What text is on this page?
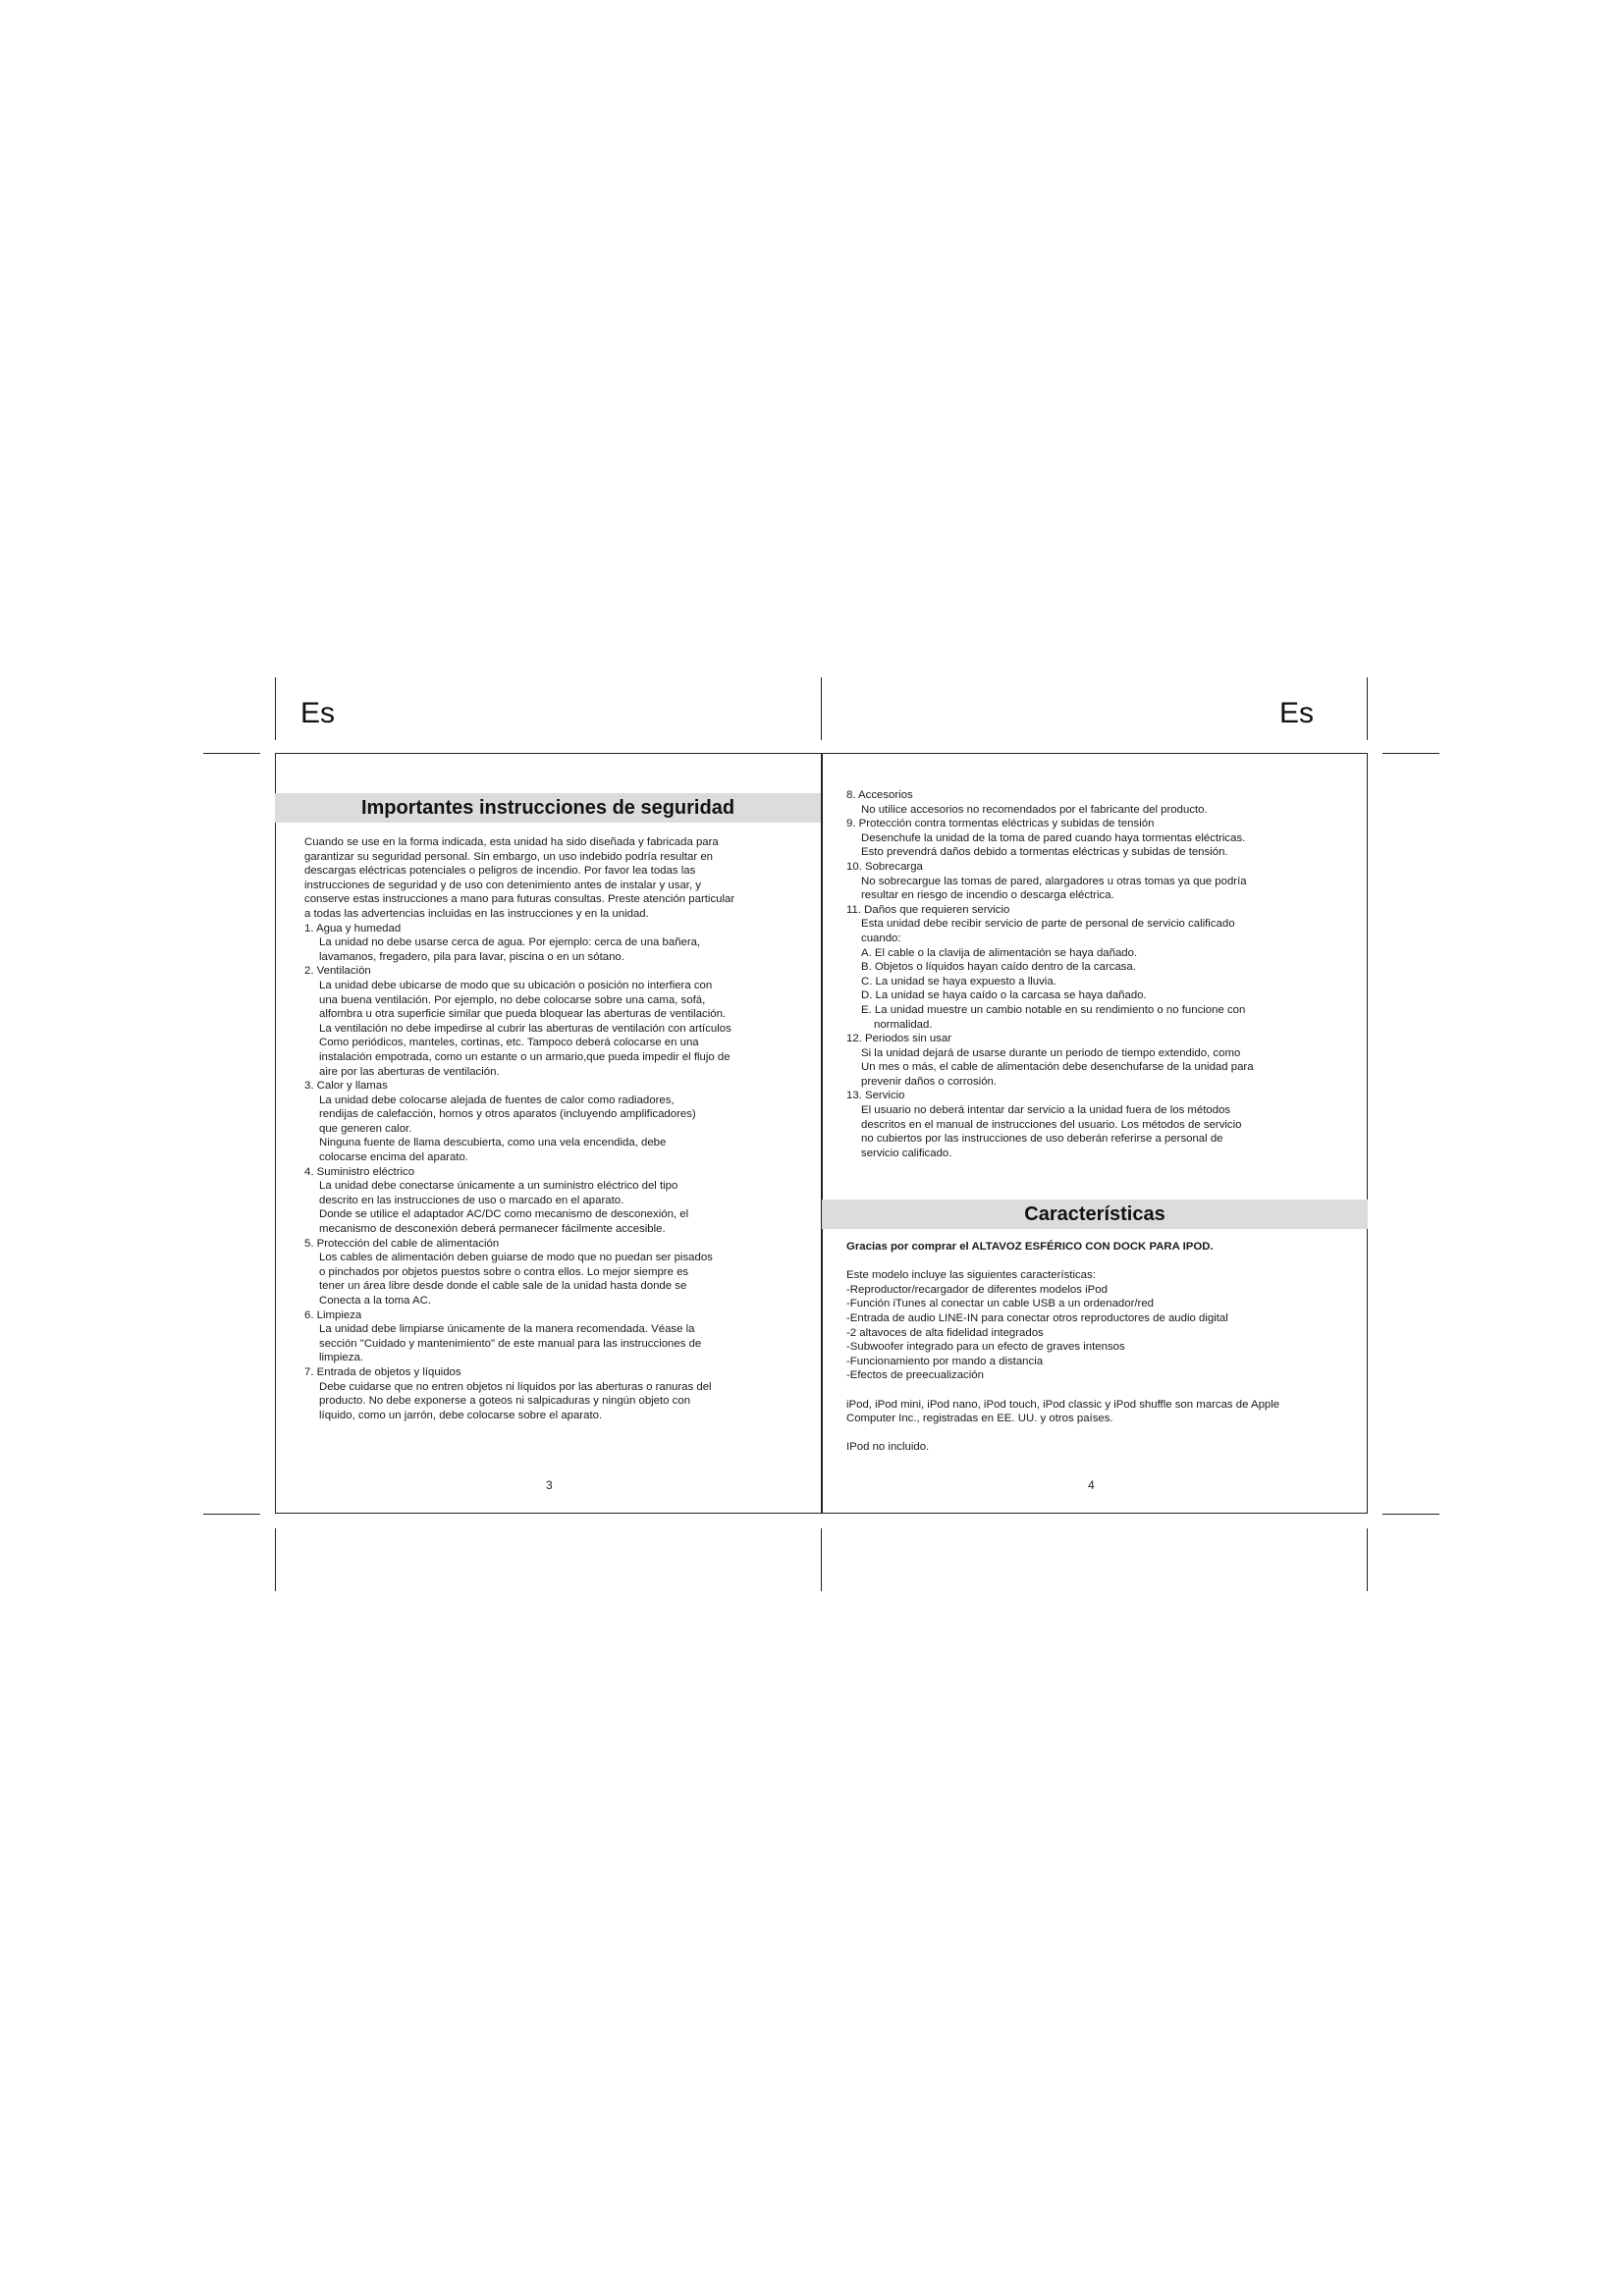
Es	Es
Importantes instrucciones de seguridad
Cuando se use en la forma indicada, esta unidad ha sido diseñada y fabricada para
garantizar su seguridad personal. Sin embargo, un uso indebido podría resultar en
descargas eléctricas potenciales o peligros de incendio. Por favor lea todas las
instrucciones de seguridad y de uso con detenimiento antes de instalar y usar, y
conserve estas instrucciones a mano para futuras consultas. Preste atención particular
a todas las advertencias incluidas en las instrucciones y en la unidad.
1. Agua y humedad
La unidad no debe usarse cerca de agua. Por ejemplo: cerca de una bañera,
lavamanos, fregadero, pila para lavar, piscina o en un sótano.
2. Ventilación
La unidad debe ubicarse de modo que su ubicación o posición no interfiera con
una buena ventilación. Por ejemplo, no debe colocarse sobre una cama, sofá,
alfombra u otra superficie similar que pueda bloquear las aberturas de ventilación.
La ventilación no debe impedirse al cubrir las aberturas de ventilación con artículos
Como periódicos, manteles, cortinas, etc. Tampoco deberá colocarse en una
instalación empotrada, como un estante o un armario,que pueda impedir el flujo de
aire por las aberturas de ventilación.
3. Calor y llamas
La unidad debe colocarse alejada de fuentes de calor como radiadores,
rendijas de calefacción, hornos y otros aparatos (incluyendo amplificadores)
que generen calor.
Ninguna fuente de llama descubierta, como una vela encendida, debe
colocarse encima del aparato.
4. Suministro eléctrico
La unidad debe conectarse únicamente a un suministro eléctrico del tipo
descrito en las instrucciones de uso o marcado en el aparato.
Donde se utilice el adaptador AC/DC como mecanismo de desconexión, el
mecanismo de desconexión deberá permanecer fácilmente accesible.
5. Protección del cable de alimentación
Los cables de alimentación deben guiarse de modo que no puedan ser pisados
o pinchados por objetos puestos sobre o contra ellos. Lo mejor siempre es
tener un área libre desde donde el cable sale de la unidad hasta donde se
Conecta a la toma AC.
6. Limpieza
La unidad debe limpiarse únicamente de la manera recomendada. Véase la
sección "Cuidado y mantenimiento" de este manual para las instrucciones de
limpieza.
7. Entrada de objetos y líquidos
Debe cuidarse que no entren objetos ni líquidos por las aberturas o ranuras del
producto. No debe exponerse a goteos ni salpicaduras y ningún objeto con
líquido, como un jarrón, debe colocarse sobre el aparato.
3
8. Accesorios
No utilice accesorios no recomendados por el fabricante del producto.
9. Protección contra tormentas eléctricas y subidas de tensión
Desenchufe la unidad de la toma de pared cuando haya tormentas eléctricas.
Esto prevendrá daños debido a tormentas eléctricas y subidas de tensión.
10. Sobrecarga
No sobrecargue las tomas de pared, alargadores u otras tomas ya que podría
resultar en riesgo de incendio o descarga eléctrica.
11. Daños que requieren servicio
Esta unidad debe recibir servicio de parte de personal de servicio calificado
cuando:
A. El cable o la clavija de alimentación se haya dañado.
B. Objetos o líquidos hayan caído dentro de la carcasa.
C. La unidad se haya expuesto a lluvia.
D. La unidad se haya caído o la carcasa se haya dañado.
E. La unidad muestre un cambio notable en su rendimiento o no funcione con
normalidad.
12. Periodos sin usar
Si la unidad dejará de usarse durante un periodo de tiempo extendido, como
Un mes o más, el cable de alimentación debe desenchufarse de la unidad para
prevenir daños o corrosión.
13. Servicio
El usuario no deberá intentar dar servicio a la unidad fuera de los métodos
descritos en el manual de instrucciones del usuario. Los métodos de servicio
no cubiertos por las instrucciones de uso deberán referirse a personal de
servicio calificado.
Características
Gracias por comprar el ALTAVOZ ESFÉRICO CON DOCK PARA IPOD.
Este modelo incluye las siguientes características:
-Reproductor/recargador de diferentes modelos iPod
-Función iTunes al conectar un cable USB a un ordenador/red
-Entrada de audio LINE-IN para conectar otros reproductores de audio digital
-2 altavoces de alta fidelidad integrados
-Subwoofer integrado para un efecto de graves intensos
-Funcionamiento por mando a distancia
-Efectos de preecualización
iPod, iPod mini, iPod nano, iPod touch, iPod classic y iPod shuffle son marcas de Apple
Computer Inc., registradas en EE. UU. y otros países.
IPod no incluido.
4
